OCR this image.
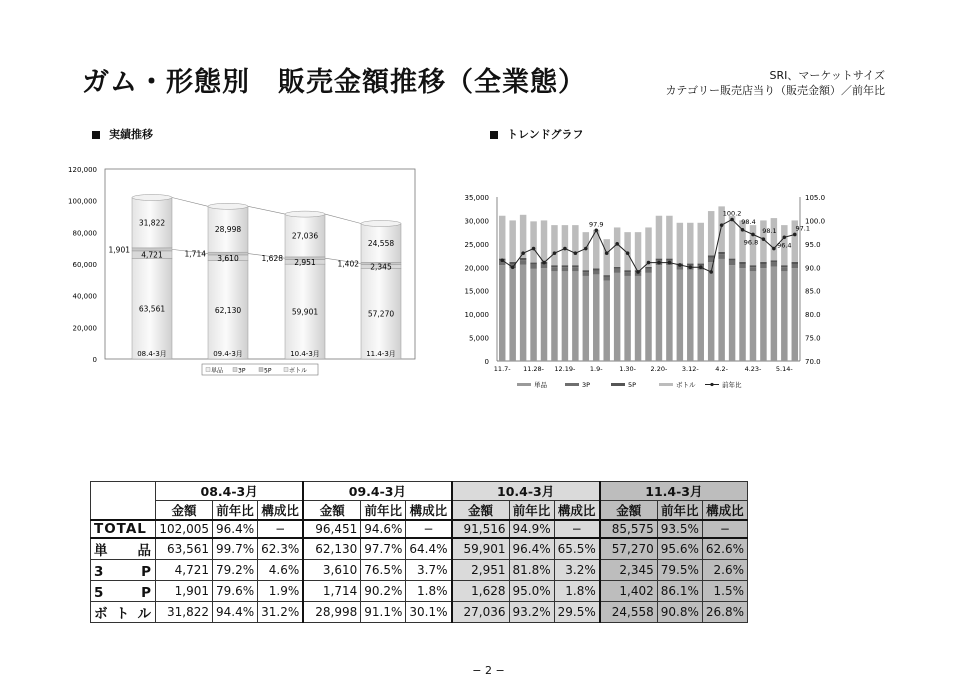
ガム・形態別　販売金額推移（全業態）	SRI、マーケットサイズ
カテゴリー販売店当り（販売金額）／前年比
実績推移	トレンドグラフ
120,000
100,000
80,000
60,000
40,000
20,000
0
63,561
4,721
31,822
1,901
62,130
3,610
28,998
1,714
59,901
2,951
27,036
1,628
57,270
2,345
24,558
1,402
08.4-3月	09.4-3月	10.4-3月	11.4-3月
単品 3P	5P	ボトル
35,000
30,000
25,000
20,000
15,000
10,000
5,000
0
105.0
100.0
95.0
90.0
85.0
80.0
75.0
70.0
97.9
100.2
98.4
96.8
98.1
96.4
97.1
11.7- 11.28- 12.19- 1.9-	1.30- 2.20- 3.12-	4.2-	4.23- 5.14-
単品	3P	5P	ボトル	前年比
	08.4-3月			09.4-3月			10.4-3月			11.4-3月		
	金額	前年比	構成比	金額	前年比	構成比	金額	前年比	構成比	金額	前年比	構成比
TOTAL	102,005	96.4%	−	96,451	94.6%	−	91,516	94.9%	−	85,575	93.5%	−
単　品	63,561	99.7%	62.3%	62,130	97.7%	64.4%	59,901	96.4%	65.5%	57,270	95.6%	62.6%
3　P	4,721	79.2%	4.6%	3,610	76.5%	3.7%	2,951	81.8%	3.2%	2,345	79.5%	2.6%
5　P	1,901	79.6%	1.9%	1,714	90.2%	1.8%	1,628	95.0%	1.8%	1,402	86.1%	1.5%
ボトル	31,822	94.4%	31.2%	28,998	91.1%	30.1%	27,036	93.2%	29.5%	24,558	90.8%	26.8%
− 2 −
